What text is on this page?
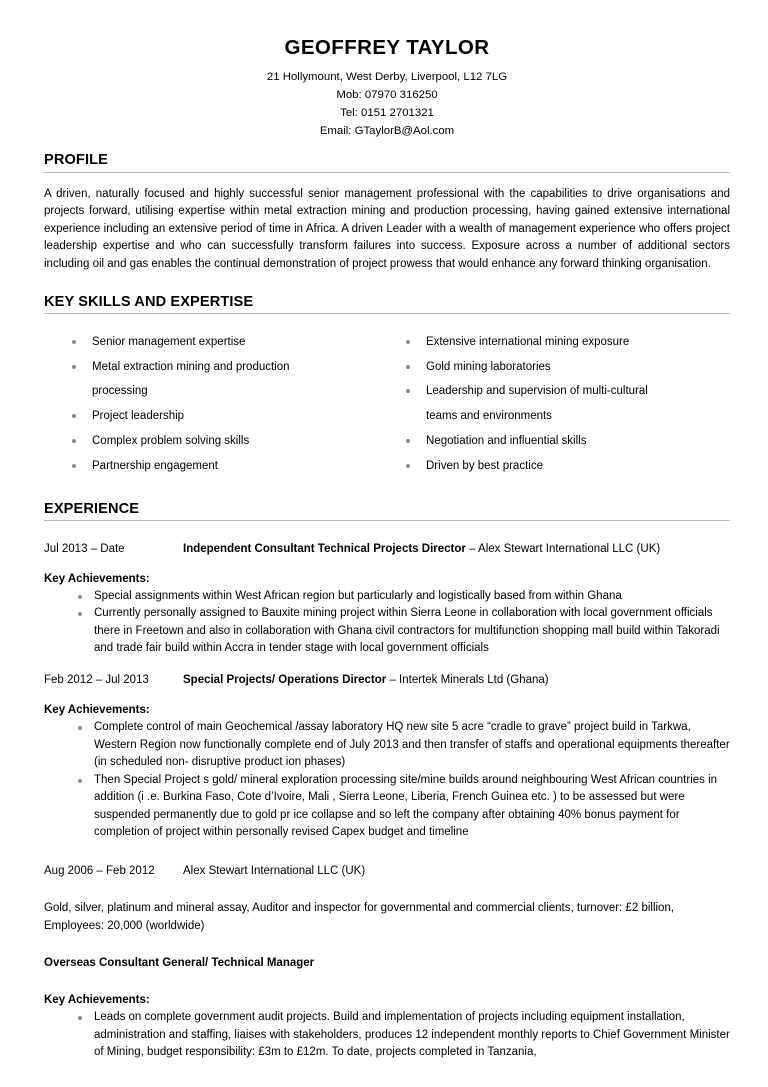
GEOFFREY TAYLOR

21 Hollymount, West Derby, Liverpool, L12 7LG

Mob: 07970 316250

Tel: 0151 2701321

Email: GTaylorB@Aol.com

PROFILE

A driven, naturally focused and highly successful senior management professional with the capabilities to drive organisations and projects forward, utilising expertise within metal extraction mining and production processing, having gained extensive international experience including an extensive period of time in Africa. A driven Leader with a wealth of management experience who offers project leadership expertise and who can successfully transform failures into success. Exposure across a number of additional sectors including oil and gas enables the continual demonstration of project prowess that would enhance any forward thinking organisation.

KEY SKILLS AND EXPERTISE

Senior management expertise

Metal extraction mining and production

processing

Project leadership

Complex problem solving skills

Partnership engagement

Extensive international mining exposure

Gold mining laboratories

Leadership and supervision of multi-cultural

teams and environments

Negotiation and influential skills

Driven by best practice

EXPERIENCE
Jul 2013 – Date	Independent Consultant Technical Projects Director – Alex Stewart International LLC (UK)

Key Achievements:

Special assignments within West African region but particularly and logistically based from within Ghana
Currently personally assigned to Bauxite mining project within Sierra Leone in collaboration with local government officials there in Freetown and also in collaboration with Ghana civil contractors for multifunction shopping mall build within Takoradi and trade fair build within Accra in tender stage with local government officials
Feb 2012 – Jul 2013	Special Projects/ Operations Director – Intertek Minerals Ltd (Ghana)

Key Achievements:

Complete control of main Geochemical /assay laboratory HQ new site 5 acre “cradle to grave” project build in Tarkwa, Western Region now functionally complete end of July 2013 and then transfer of staffs and operational equipments thereafter (in scheduled non- disruptive product ion phases)
Then Special Project s gold/ mineral exploration processing site/mine builds around neighbouring West African countries in addition (i .e. Burkina Faso, Cote d’Ivoire, Mali , Sierra Leone, Liberia, French Guinea etc. ) to be assessed but were suspended permanently due to gold pr ice collapse and so left the company after obtaining 40% bonus payment for completion of project within personally revised Capex budget and timeline
Aug 2006 – Feb 2012	Alex Stewart International LLC (UK)

Gold, silver, platinum and mineral assay, Auditor and inspector for governmental and commercial clients, turnover: £2 billion, Employees: 20,000 (worldwide)

Overseas Consultant General/ Technical Manager

Key Achievements:

Leads on complete government audit projects. Build and implementation of projects including equipment installation, administration and staffing, liaises with stakeholders, produces 12 independent monthly reports to Chief Government Minister of Mining, budget responsibility: £3m to £12m. To date, projects completed in Tanzania,
